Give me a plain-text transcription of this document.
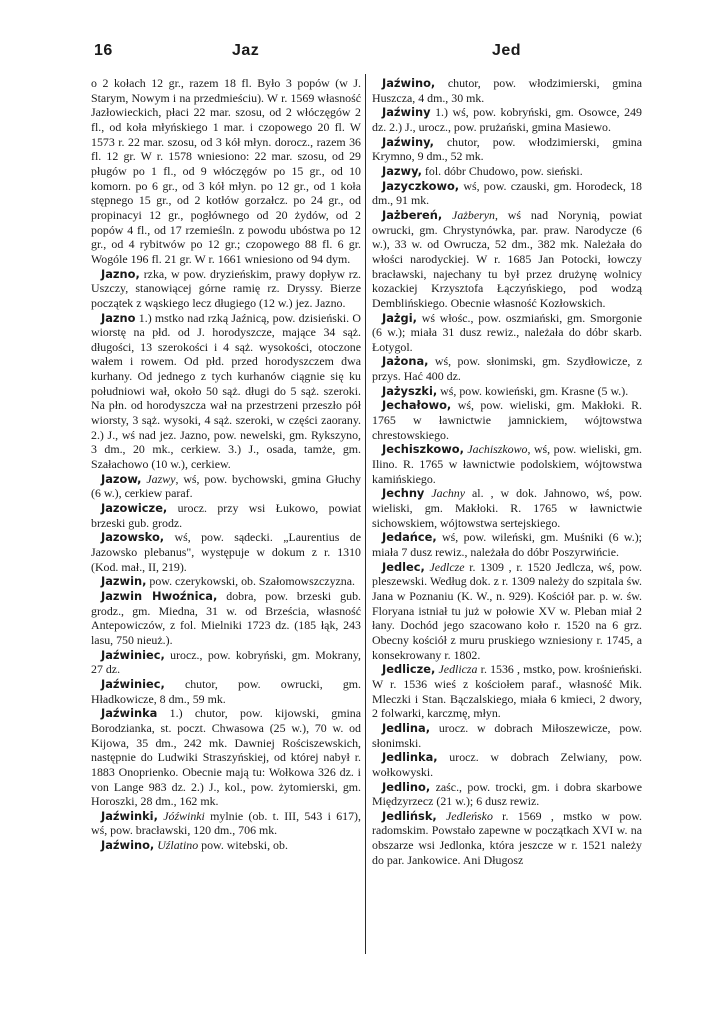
16	Jaz	Jed

o 2 kołach 12 gr., razem 18 fl. Było 3 popów (w J. Starym, Nowym i na przedmieściu). W r. 1569 własność Jazłowieckich, płaci 22 mar. szosu, od 2 włóczęgów 2 fl., od koła młyńskiego 1 mar. i czopowego 20 fl. W 1573 r. 22 mar. szosu, od 3 kół młyn. dorocz., razem 36 fl. 12 gr. W r. 1578 wniesiono: 22 mar. szosu, od 29 pługów po 1 fl., od 9 włóczęgów po 15 gr., od 10 komorn. po 6 gr., od 3 kół młyn. po 12 gr., od 1 koła stępnego 15 gr., od 2 kotłów gorzałcz. po 24 gr., od propinacyi 12 gr., pogłównego od 20 żydów, od 2 popów 4 fl., od 17 rzemieśln. z powodu ubóstwa po 12 gr., od 4 rybitwów po 12 gr.; czopowego 88 fl. 6 gr. Wogóle 196 fl. 21 gr. W r. 1661 wniesiono od 94 dym.

Jazno, rzka, w pow. dryzieńskim, prawy dopływ rz. Uszczy, stanowiącej górne ramię rz. Dryssy. Bierze początek z wąskiego lecz długiego (12 w.) jez. Jazno.

Jazno 1.) mstko nad rzką Jaźnicą, pow. dzisieński. O wiorstę na płd. od J. horodyszcze, mające 34 sąż. długości, 13 szerokości i 4 sąż. wysokości, otoczone wałem i rowem. Od płd. przed horodyszczem dwa kurhany. Od jednego z tych kurhanów ciągnie się ku południowi wał, około 50 sąż. długi do 5 sąż. szeroki. Na płn. od horodyszcza wał na przestrzeni przeszło pół wiorsty, 3 sąż. wysoki, 4 sąż. szeroki, w części zaorany. 2.) J., wś nad jez. Jazno, pow. newelski, gm. Rykszyno, 3 dm., 20 mk., cerkiew. 3.) J., osada, tamże, gm. Szałachowo (10 w.), cerkiew.

Jazow, Jazwy, wś, pow. bychowski, gmina Głuchy (6 w.), cerkiew paraf.

Jazowicze, urocz. przy wsi Łukowo, powiat brzeski gub. grodz.

Jazowsko, wś, pow. sądecki. „Laurentius de Jazowsko plebanus", występuje w dokum z r. 1310 (Kod. mał., II, 219).

Jazwin, pow. czerykowski, ob. Szałomowszczyzna.

Jazwin Hwoźnica, dobra, pow. brzeski gub. grodz., gm. Miedna, 31 w. od Brześcia, własność Antepowiczów, z fol. Mielniki 1723 dz. (185 łąk, 243 lasu, 750 nieuż.).

Jaźwiniec, urocz., pow. kobryński, gm. Mokrany, 27 dz.

Jaźwiniec, chutor, pow. owrucki, gm. Hładkowicze, 8 dm., 59 mk.

Jaźwinka 1.) chutor, pow. kijowski, gmina Borodzianka, st. poczt. Chwasowa (25 w.), 70 w. od Kijowa, 35 dm., 242 mk. Dawniej Rościszewskich, następnie do Ludwiki Straszyńskiej, od której nabył r. 1883 Onoprienko. Obecnie mają tu: Wołkowa 326 dz. i von Lange 983 dz. 2.) J., kol., pow. żytomierski, gm. Horoszki, 28 dm., 162 mk.

Jaźwinki, Jóźwinki mylnie (ob. t. III, 543 i 617), wś, pow. bracławski, 120 dm., 706 mk.

Jaźwino, Uźlatino pow. witebski, ob.

Jaźwino, chutor, pow. włodzimierski, gmina Huszcza, 4 dm., 30 mk.

Jaźwiny 1.) wś, pow. kobryński, gm. Osowce, 249 dz. 2.) J., urocz., pow. prużański, gmina Masiewo.

Jaźwiny, chutor, pow. włodzimierski, gmina Krymno, 9 dm., 52 mk.

Jazwy, fol. dóbr Chudowo, pow. sieński.

Jazyczkowo, wś, pow. czauski, gm. Horodeck, 18 dm., 91 mk.

Jażbereń, Jażberyn, wś nad Norynią, powiat owrucki, gm. Chrystynówka, par. praw. Narodycze (6 w.), 33 w. od Owrucza, 52 dm., 382 mk. Należała do włości narodyckiej. W r. 1685 Jan Potocki, łowczy bracławski, najechany tu był przez drużynę wolnicy kozackiej Krzysztofa Łączyńskiego, pod wodzą Demblińskiego. Obecnie własność Kozłowskich.

Jażgi, wś włośc., pow. oszmiański, gm. Smorgonie (6 w.); miała 31 dusz rewiz., należała do dóbr skarb. Łotygol.

Jażona, wś, pow. słonimski, gm. Szydłowicze, z przys. Hać 400 dz.

Jażyszki, wś, pow. kowieński, gm. Krasne (5 w.).

Jechałowo, wś, pow. wieliski, gm. Makłoki. R. 1765 w ławnictwie jamnickiem, wójtowstwa chrestowskiego.

Jechiszkowo, Jachiszkowo, wś, pow. wieliski, gm. Ilino. R. 1765 w ławnictwie podolskiem, wójtowstwa kamińskiego.

Jechny Jachny al. , w dok. Jahnowo, wś, pow. wieliski, gm. Makłoki. R. 1765 w ławnictwie sichowskiem, wójtowstwa sertejskiego.

Jedańce, wś, pow. wileński, gm. Muśniki (6 w.); miała 7 dusz rewiz., należała do dóbr Poszyrwińcie.

Jedlec, Jedlcze r. 1309 , r. 1520 Jedlcza, wś, pow. pleszewski. Według dok. z r. 1309 należy do szpitala św. Jana w Poznaniu (K. W., n. 929). Kościół par. p. w. św. Floryana istniał tu już w połowie XV w. Pleban miał 2 łany. Dochód jego szacowano koło r. 1520 na 6 grz. Obecny kościół z muru pruskiego wzniesiony r. 1745, a konsekrowany r. 1802.

Jedlicze, Jedlicza r. 1536 , mstko, pow. krośnieński. W r. 1536 wieś z kościołem paraf., własność Mik. Mleczki i Stan. Bączalskiego, miała 6 kmieci, 2 dwory, 2 folwarki, karczmę, młyn.

Jedlina, urocz. w dobrach Miłoszewicze, pow. słonimski.

Jedlinka, urocz. w dobrach Zelwiany, pow. wołkowyski.

Jedlino, zaśc., pow. trocki, gm. i dobra skarbowe Międzyrzecz (21 w.); 6 dusz rewiz.

Jedlińsk, Jedleńsko r. 1569 , mstko w pow. radomskim. Powstało zapewne w początkach XVI w. na obszarze wsi Jedlonka, która jeszcze w r. 1521 należy do par. Jankowice. Ani Długosz
